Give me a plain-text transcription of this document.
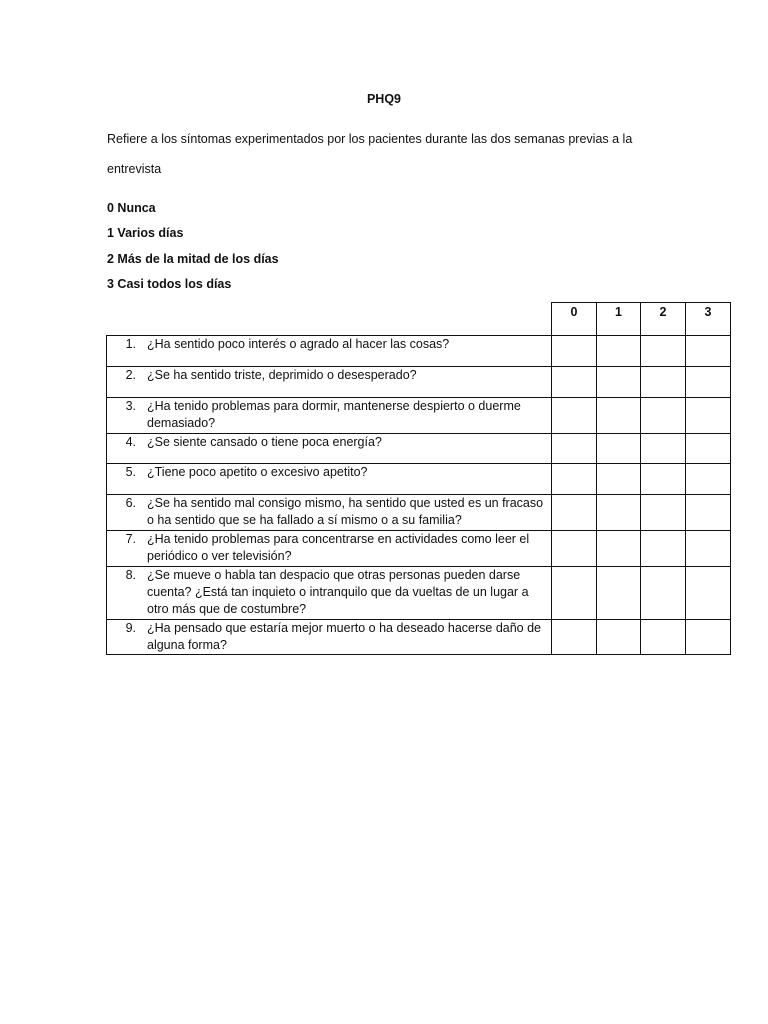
PHQ9
Refiere a los síntomas experimentados por los pacientes durante las dos semanas previas a la
entrevista
0 Nunca
1 Varios días
2 Más de la mitad de los días
3 Casi todos los días
	0	1	2	3

1. ¿Ha sentido poco interés o agrado al hacer las cosas?				

2. ¿Se ha sentido triste, deprimido o desesperado?				

3. ¿Ha tenido problemas para dormir, mantenerse despierto o duerme demasiado?				

4. ¿Se siente cansado o tiene poca energía?				

5. ¿Tiene poco apetito o excesivo apetito?				

6. ¿Se ha sentido mal consigo mismo, ha sentido que usted es un fracaso o ha sentido que se ha fallado a sí mismo o a su familia?				

7. ¿Ha tenido problemas para concentrarse en actividades como leer el periódico o ver televisión?				

8. ¿Se mueve o habla tan despacio que otras personas pueden darse cuenta? ¿Está tan inquieto o intranquilo que da vueltas de un lugar a otro más que de costumbre?				

9. ¿Ha pensado que estaría mejor muerto o ha deseado hacerse daño de alguna forma?				
